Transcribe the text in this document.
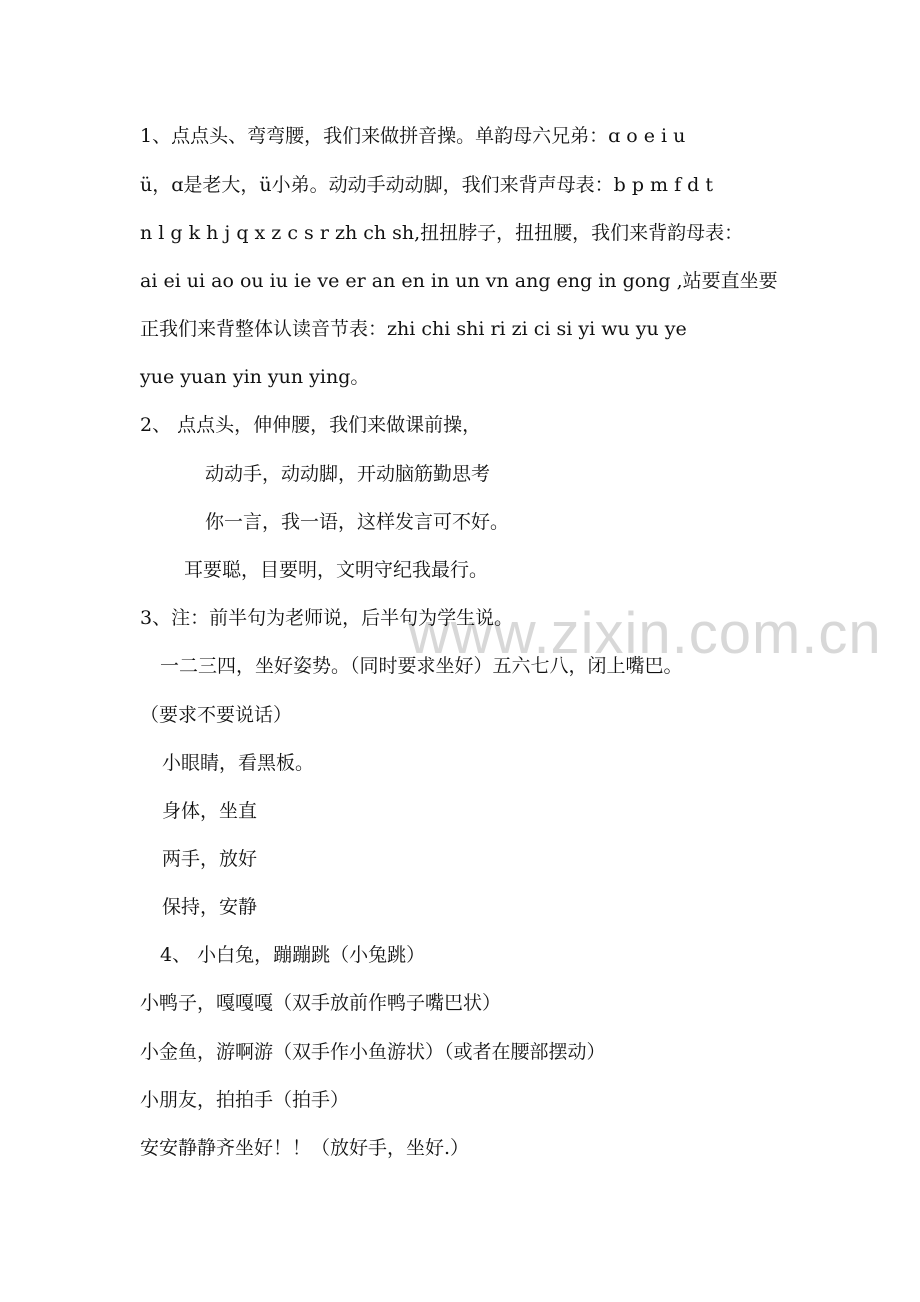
www.zixin.com.cn
1、点点头、弯弯腰，我们来做拼音操。单韵母六兄弟：ɑ o e i u
ü，ɑ是老大，ü小弟。动动手动动脚，我们来背声母表：b p m f d t
n l g k h j q x z c s r zh ch sh,扭扭脖子，扭扭腰，我们来背韵母表：
ai ei ui ao ou iu ie ve er an en in un vn ang eng in gong ,站要直坐要
正我们来背整体认读音节表：zhi chi shi ri zi ci si yi wu yu ye
yue yuan yin yun ying。
2、 点点头，伸伸腰，我们来做课前操，
动动手，动动脚，开动脑筋勤思考
你一言，我一语，这样发言可不好。
耳要聪，目要明，文明守纪我最行。
3、注：前半句为老师说，后半句为学生说。
一二三四，坐好姿势。（同时要求坐好）五六七八，闭上嘴巴。
（要求不要说话）
小眼睛，看黑板。
身体，坐直
两手，放好
保持，安静
4、 小白兔，蹦蹦跳（小兔跳）
小鸭子，嘎嘎嘎（双手放前作鸭子嘴巴状）
小金鱼，游啊游（双手作小鱼游状）（或者在腰部摆动）
小朋友，拍拍手（拍手）
安安静静齐坐好！！（放好手，坐好.）
